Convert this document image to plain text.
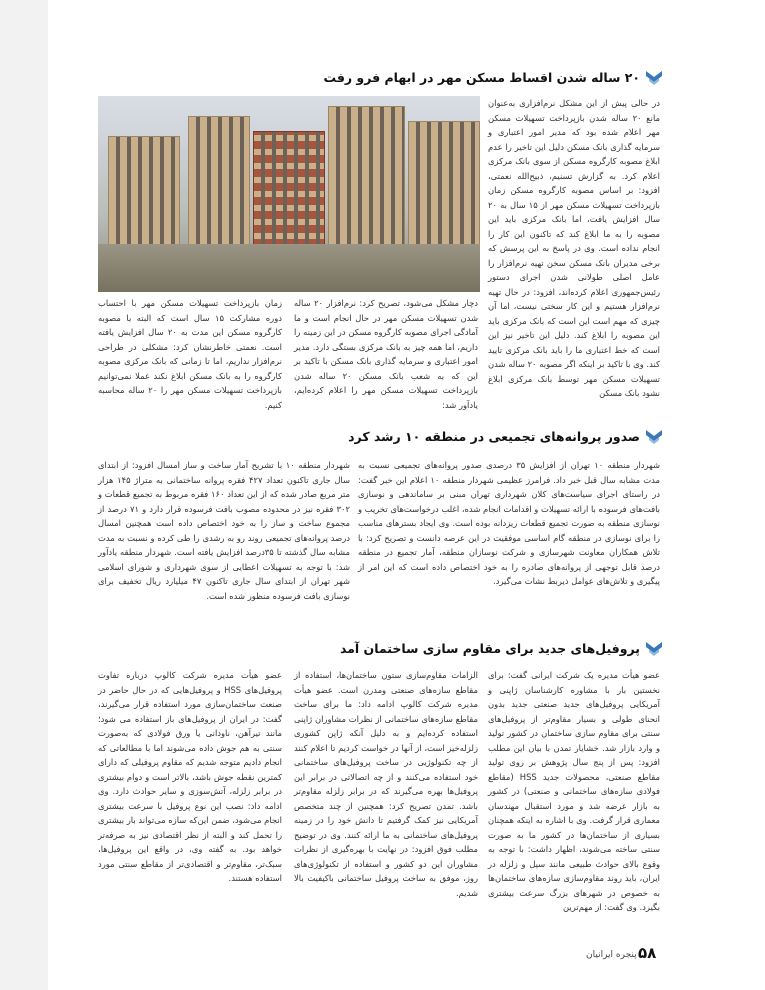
۲۰ ساله شدن اقساط مسکن مهر در ابهام فرو رفت

در حالی پیش از این مشکل نرم‌افزاری به‌عنوان مانع ۲۰ ساله شدن بازپرداخت تسهیلات مسکن مهر اعلام شده بود که مدیر امور اعتباری و سرمایه گذاری بانک مسکن دلیل این تاخیر را عدم ابلاغ مصوبه کارگروه مسکن از سوی بانک مرکزی اعلام کرد. به گزارش تسنیم، ذبیح‌الله نعمتی، افزود: بر اساس مصوبه کارگروه مسکن زمان بازپرداخت تسهیلات مسکن مهر از ۱۵ سال به ۲۰ سال افزایش یافت، اما بانک مرکزی باید این مصوبه را به ما ابلاغ کند که تاکنون این کار را انجام نداده است. وی در پاسخ به این پرسش که برخی مدیران بانک مسکن سخن تهیه نرم‌افزار را عامل اصلی طولانی شدن اجرای دستور رئیس‌جمهوری اعلام کرده‌اند، افزود: در حال تهیه نرم‌افزار هستیم و این کار سختی نیست، اما آن چیزی که مهم است این است که بانک مرکزی باید این مصوبه را ابلاغ کند. دلیل این تاخیر نیز این است که خط اعتباری ما را باید بانک مرکزی تایید کند. وی با تاکید بر اینکه اگر مصوبه ۲۰ ساله شدن تسهیلات مسکن مهر توسط بانک مرکزی ابلاغ نشود بانک مسکن

دچار مشکل می‌شود، تصریح کرد: نرم‌افزار ۲۰ ساله شدن تسهیلات مسکن مهر در حال انجام است و ما آمادگی اجرای مصوبه کارگروه مسکن در این زمینه را داریم، اما همه چیز به بانک مرکزی بستگی دارد. مدیر امور اعتباری و سرمایه گذاری بانک مسکن با تاکید بر این که به شعب بانک مسکن ۲۰ ساله شدن بازپرداخت تسهیلات مسکن مهر را اعلام کرده‌ایم، یادآور شد:

زمان بازپرداخت تسهیلات مسکن مهر با احتساب دوره مشارکت ۱۵ سال است که البته با مصوبه کارگروه مسکن این مدت به ۲۰ سال افزایش یافته است. نعمتی خاطرنشان کرد: مشکلی در طراحی نرم‌افزار نداریم، اما تا زمانی که بانک مرکزی مصوبه کارگروه را به بانک مسکن ابلاغ نکند عملا نمی‌توانیم بازپرداخت تسهیلات مسکن مهر را ۲۰ ساله محاسبه کنیم.

صدور پروانه‌های تجمیعی در منطقه ۱۰ رشد کرد

شهردار منطقه ۱۰ تهران از افزایش ۳۵ درصدی صدور پروانه‌های تجمیعی نسبت به مدت مشابه سال قبل خبر داد. فرامرز عظیمی شهردار منطقه ۱۰ اعلام این خبر گفت: در راستای اجرای سیاست‌های کلان شهرداری تهران مبنی بر ساماندهی و نوسازی بافت‌های فرسوده با ارائه تسهیلات و اقدامات انجام شده، اغلب درخواست‌های تخریب و نوسازی منطقه به صورت تجمیع قطعات ریزدانه بوده است. وی ایجاد بسترهای مناسب را برای نوسازی در منطقه گام اساسی موفقیت در این عرصه دانست و تصریح کرد: با تلاش همکاران معاونت شهرسازی و شرکت نوسازان منطقه، آمار تجمیع در منطقه درصد قابل توجهی از پروانه‌های صادره را به خود اختصاص داده است که این امر از پیگیری و تلاش‌های عوامل ذیربط نشات می‌گیرد.

شهردار منطقه ۱۰ با تشریح آمار ساخت و ساز امسال افزود: از ابتدای سال جاری تاکنون تعداد ۴۲۷ فقره پروانه ساختمانی به متراژ ۱۴۵ هزار متر مربع صادر شده که از این تعداد ۱۶۰ فقره مربوط به تجمیع قطعات و ۳۰۲ فقره نیز در محدوده مصوب بافت فرسوده قرار دارد و ۷۱ درصد از مجموع ساخت و ساز را به خود اختصاص داده است همچنین امسال درصد پروانه‌های تجمیعی روند رو به رشدی را طی کرده و نسبت به مدت مشابه سال گذشته تا ۳۵درصد افزایش یافته است. شهردار منطقه یادآور شد: با توجه به تسهیلات اعطایی از سوی شهرداری و شورای اسلامی شهر تهران از ابتدای سال جاری تاکنون ۴۷ میلیارد ریال تخفیف برای نوسازی بافت فرسوده منظور شده است.

پروفیل‌های جدید برای مقاوم سازی ساختمان آمد

عضو هیأت مدیره یک شرکت ایرانی گفت: برای نخستین بار با مشاوره کارشناسان ژاپنی و آمریکایی پروفیل‌های جدید صنعتی جدید بدون انحنای طولی و بسیار مقاوم‌تر از پروفیل‌های سنتی برای مقاوم سازی ساختمان در کشور تولید و وارد بازار شد. خشایار تمدن با بیان این مطلب افزود: پس از پنج سال پژوهش بر روی تولید مقاطع صنعتی، محصولات جدید HSS (مقاطع فولادی سازه‌های ساختمانی و صنعتی) در کشور به بازار عرضه شد و مورد استقبال مهندسان معماری قرار گرفت. وی با اشاره به اینکه همچنان بسیاری از ساختمان‌ها در کشور ما به صورت سنتی ساخته می‌شوند، اظهار داشت: با توجه به وقوع بالای حوادث طبیعی مانند سیل و زلزله در ایران، باید روند مقاوم‌سازی سازه‌های ساختمان‌ها به خصوص در شهرهای بزرگ سرعت بیشتری بگیرد. وی گفت: از مهم‌ترین

الزامات مقاوم‌سازی ستون ساختمان‌ها، استفاده از مقاطع سازه‌های صنعتی ومدرن است. عضو هیأت مدیره شرکت کالوپ ادامه داد: ما برای ساخت مقاطع سازه‌های ساختمانی از نظرات مشاوران ژاپنی استفاده کرده‌ایم و به دلیل آنکه ژاپن کشوری زلزله‌خیز است، از آنها در خواست کردیم تا اعلام کنند از چه تکنولوژیی در ساخت پروفیل‌های ساختمانی خود استفاده می‌کنند و از چه اتصالاتی در برابر این پروفیل‌ها بهره می‌گیرند که در برابر زلزله مقاوم‌تر باشد. تمدن تصریح کرد: همچنین از چند متخصص آمریکایی نیز کمک گرفتیم تا دانش خود را در زمینه پروفیل‌های ساختمانی به ما ارائه کنند. وی در توضیح مطلب فوق افزود: در نهایت با بهره‌گیری از نظرات مشاوران این دو کشور و استفاده از تکنولوژی‌های روز، موفق به ساخت پروفیل ساختمانی باکیفیت بالا شدیم.

عضو هیأت مدیره شرکت کالوپ درباره تفاوت پروفیل‌های HSS و پروفیل‌هایی که در حال حاضر در صنعت ساختمان‌سازی مورد استفاده قرار می‌گیرند، گفت: در ایران از پروفیل‌های باز استفاده می شود؛ مانند تیرآهن، ناودانی یا ورق فولادی که به‌صورت سنتی به هم جوش داده می‌شوند اما با مطالعاتی که انجام دادیم متوجه شدیم که مقاوم پروفیلی که دارای کمترین نقطه جوش باشد، بالاتر است و دوام بیشتری در برابر زلزله، آتش‌سوزی و سایر حوادث دارد. وی ادامه داد: نصب این نوع پروفیل با سرعت بیشتری انجام می‌شود، ضمن این‌که سازه می‌تواند بار بیشتری را تحمل کند و البته از نظر اقتصادی نیز به صرفه‌تر خواهد بود. به گفته وی، در واقع این پروفیل‌ها، سبک‌تر، مقاوم‌تر و اقتصادی‌تر از مقاطع سنتی مورد استفاده هستند.

۵۸
پنجره ایرانیان
